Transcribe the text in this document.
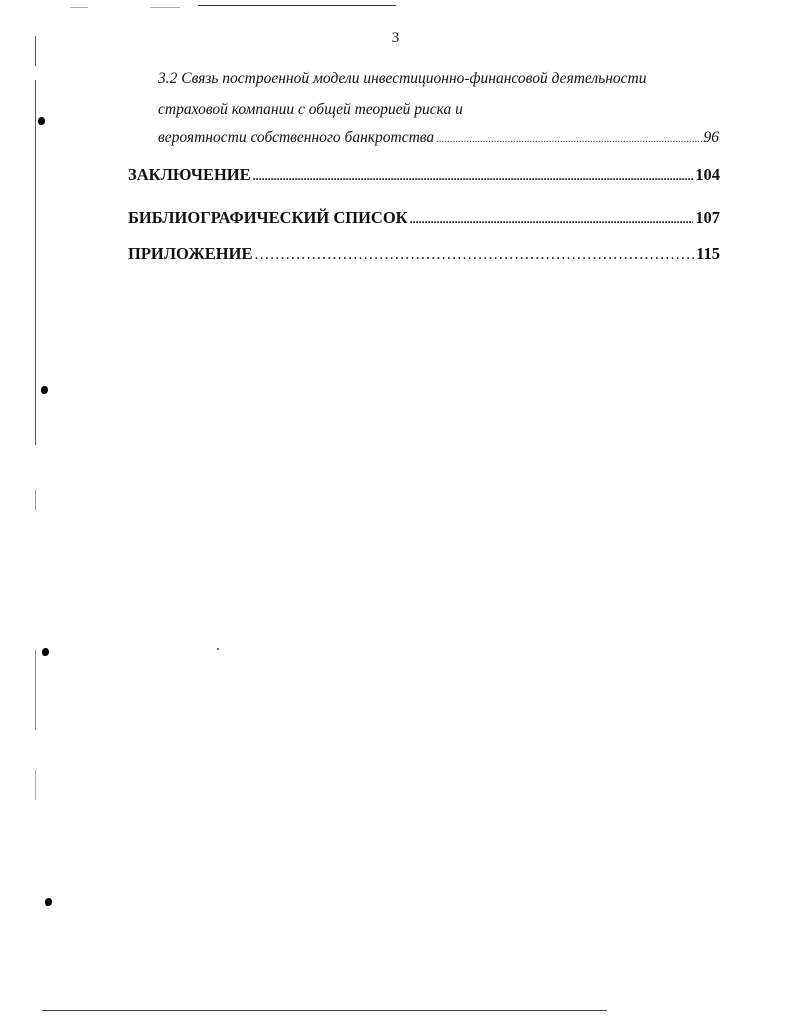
3
3.2 Связь построенной модели инвестиционно-финансовой деятельности
страховой компании с общей теорией риска и
вероятности собственного банкротства .....	96
ЗАКЛЮЧЕНИЕ .....	104
БИБЛИОГРАФИЧЕСКИЙ СПИСОК .....	107
ПРИЛОЖЕНИЕ .....	115
